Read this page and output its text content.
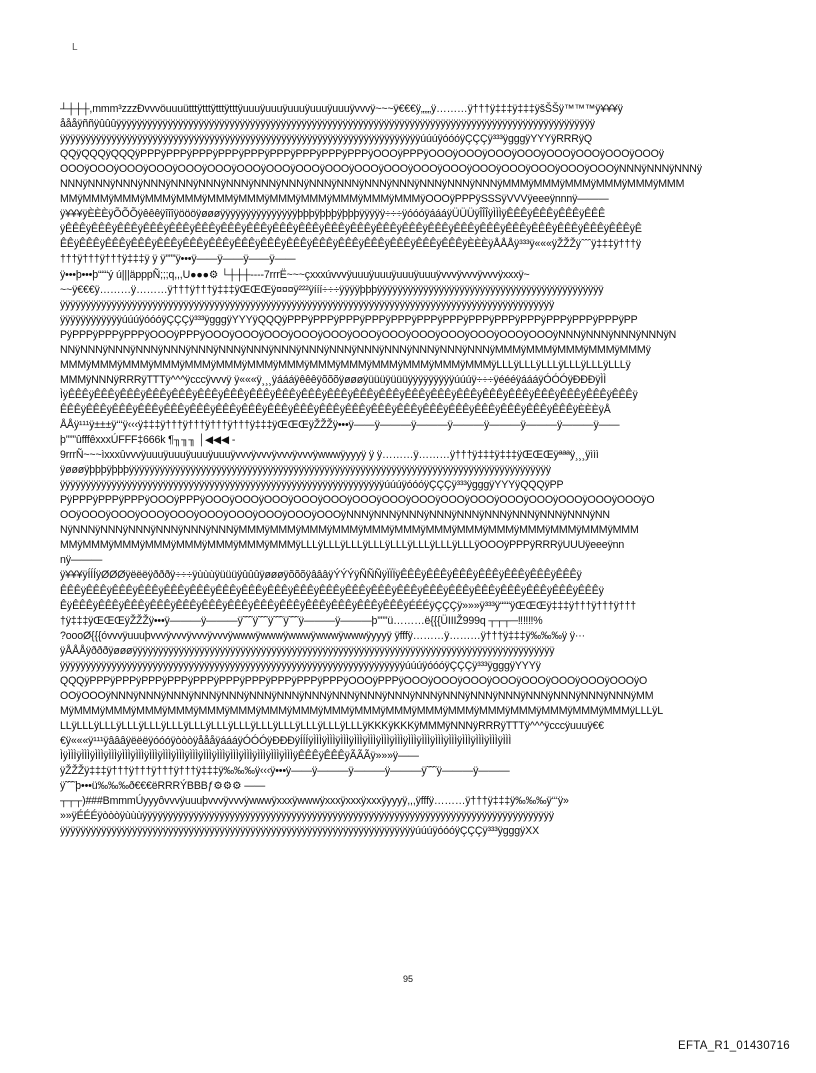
L
┴┼┼┼,mmm³zzzÐvvvöuuuütttÿtttÿtttÿtttÿuuuÿuuuÿuuuÿuuuÿuuuÿvvvÿ~~~ÿ€€€ÿ„„„ÿ………ÿ†††ÿ‡‡‡ÿ‡‡‡ÿšŠŠÿ™™™ÿ¥¥¥ÿ
åååÿññÿûûûÿÿÿÿÿÿÿÿÿÿÿÿÿÿÿÿÿÿÿÿÿÿÿÿÿÿÿÿÿÿÿÿÿÿÿÿÿÿÿÿÿÿÿÿÿÿÿÿÿÿÿÿÿÿÿÿÿÿÿÿÿÿÿÿÿÿÿÿÿÿÿÿÿÿÿÿÿÿÿÿÿÿÿÿÿÿÿÿÿÿÿÿÿ
ÿÿÿÿÿÿÿÿÿÿÿÿÿÿÿÿÿÿÿÿÿÿÿÿÿÿÿÿÿÿÿÿÿÿÿÿÿÿÿÿÿÿÿÿÿÿÿÿÿÿÿÿÿÿÿÿÿÿÿÿÿÿÿÿÿÿÿÿÿÿúúúÿóóóÿÇÇÇÿ³³³ÿgggÿYYYÿRRRÿQ
QQÿQQQÿQQQÿPPPÿPPPÿPPPÿPPPÿPPPÿPPPÿPPPÿPPPÿPPPÿOOOÿPPPÿOOOÿOOOÿOOOÿOOOÿOOOÿOOOÿOOOÿOOOÿ
OOOÿOOOÿOOOÿOOOÿOOOÿOOOÿOOOÿOOOÿOOOÿOOOÿOOOÿOOOÿOOOÿOOOÿOOOÿOOOÿOOOÿOOOÿOOOÿNNNÿNNNÿNNNÿ
NNNÿNNNÿNNNÿNNNÿNNNÿNNNÿNNNÿNNNÿNNNÿNNNÿNNNÿNNNÿNNNÿNNNÿNNNÿNNNÿMMMÿMMMÿMMMÿMMMÿMMMÿMMM
MMÿMMMÿMMMÿMMMÿMMMÿMMMÿMMMÿMMMÿMMMÿMMMÿMMMÿMMMÿOOOÿPPPÿSSSÿVVVÿeeeÿnnnÿ———
ÿ¥¥¥ÿÈÈÈÿÕÕÕÿêêêÿîîîÿöööÿøøøÿÿÿÿÿÿÿÿÿÿÿÿÿÿÿþþþÿþþþÿþþþÿÿÿÿÿ÷÷÷ÿóóóÿáááÿÜÜÜÿÎÎÎÿÌÌÌÿÊÊÊÿÊÊÊÿÊÊÊÿÊÊÊ
ÿÊÊÊÿÊÊÊÿÊÊÊÿÊÊÊÿÊÊÊÿÊÊÊÿÊÊÊÿÊÊÊÿÊÊÊÿÊÊÊÿÊÊÊÿÊÊÊÿÊÊÊÿÊÊÊÿÊÊÊÿÊÊÊÿÊÊÊÿÊÊÊÿÊÊÊÿÊÊÊÿÊÊÊÿÊÊÊÿÊ
ÊÊÿÊÊÊÿÊÊÊÿÊÊÊÿÊÊÊÿÊÊÊÿÊÊÊÿÊÊÊÿÊÊÊÿÊÊÊÿÊÊÊÿÊÊÊÿÊÊÊÿÊÊÊÿÊÊÊÿÊÊÊÿÈÈÈÿÅÅÅÿ³³³ÿ«««ÿŽŽŽÿˆˆˆÿ‡‡‡ÿ†††ÿ
†††ÿ†††ÿ†††ÿ‡‡‡ÿ ÿ ÿ”””ÿ•••ÿ——ÿ——ÿ——ÿ——
ÿ•••þ•••þ“““ý ú|||äpppÑ;;;q,,,U●●●⚙ └┼┼┼----7rrrË~~~çxxxúvvvÿuuuÿuuuÿuuuÿuuuÿvvvÿvvvÿvvvÿxxxÿ~
~~ÿ€€€ÿ………ÿ………ÿ†††ÿ†††ÿ‡‡‡ÿŒŒŒÿ¤¤¤ÿ²²²ÿííí÷÷÷ÿÿÿÿþþþÿÿÿÿÿÿÿÿÿÿÿÿÿÿÿÿÿÿÿÿÿÿÿÿÿÿÿÿÿÿÿÿÿÿÿÿÿÿÿÿÿÿÿÿ
ÿÿÿÿÿÿÿÿÿÿÿÿÿÿÿÿÿÿÿÿÿÿÿÿÿÿÿÿÿÿÿÿÿÿÿÿÿÿÿÿÿÿÿÿÿÿÿÿÿÿÿÿÿÿÿÿÿÿÿÿÿÿÿÿÿÿÿÿÿÿÿÿÿÿÿÿÿÿÿÿÿÿÿÿÿÿÿÿÿÿÿÿÿÿÿÿ
ÿÿÿÿÿÿÿÿÿÿÿÿúúúÿóóóÿÇÇÇÿ³³³ÿgggÿYYYÿQQQÿPPPÿPPPÿPPPÿPPPÿPPPÿPPPÿPPPÿPPPÿPPPÿPPPÿPPPÿPPPÿPPPÿPP
PÿPPPÿPPPÿPPPÿOOOÿPPPÿOOOÿOOOÿOOOÿOOOÿOOOÿOOOÿOOOÿOOOÿOOOÿOOOÿOOOÿOOOÿNNNÿNNNÿNNNÿNNNÿN
NNÿNNNÿNNNÿNNNÿNNNÿNNNÿNNNÿNNNÿNNNÿNNNÿNNNÿNNNÿNNNÿNNNÿNNNÿNNNÿMMMÿMMMÿMMMÿMMMÿMMMÿ
MMMÿMMMÿMMMÿMMMÿMMMÿMMMÿMMMÿMMMÿMMMÿMMMÿMMMÿMMMÿMMMÿMMMÿLLLÿLLLÿLLLÿLLLÿLLLÿLLLÿ
MMMÿNNNÿRRRÿTTTÿ^^^ÿcccÿvvvÿ ÿ«««ÿ¸¸¸ÿáááÿêêêÿõõõÿøøøÿüüüÿüüüÿÿÿÿÿÿÿÿÿúúúÿ÷÷÷ÿéééÿáááÿÓÓÓÿÐÐÐÿÌÌ
ÌÿÊÊÊÿÊÊÊÿÊÊÊÿÊÊÊÿÊÊÊÿÊÊÊÿÊÊÊÿÊÊÊÿÊÊÊÿÊÊÊÿÊÊÊÿÊÊÊÿÊÊÊÿÊÊÊÿÊÊÊÿÊÊÊÿÊÊÊÿÊÊÊÿÊÊÊÿÊÊÊÿÊÊÊÿÊÊÊÿ
ÊÊÊÿÊÊÊÿÊÊÊÿÊÊÊÿÊÊÊÿÊÊÊÿÊÊÊÿÊÊÊÿÊÊÊÿÊÊÊÿÊÊÊÿÊÊÊÿÊÊÊÿÊÊÊÿÊÊÊÿÊÊÊÿÊÊÊÿÊÊÊÿÊÊÊÿÊÊÊÿÈÈÈÿÅ
ÅÅÿ¹¹¹ÿ±±±ÿ‘‘‘ÿ‹‹‹ÿ‡‡‡ÿ†††ÿ†††ÿ†††ÿ†††ÿ‡‡‡ÿŒŒŒÿŽŽŽÿ•••ÿ——ÿ———ÿ———ÿ———ÿ———ÿ———ÿ———ÿ——
þ”””ûfffêxxxÚFFF‡666k ¶╖╖╖ │◀◀◀ -
9rrrÑ~~~ìxxxûvvvÿuuuÿuuuÿuuuÿuuuÿvvvÿvvvÿvvvÿvvvÿwwwÿyyyÿ ÿ ÿ………ÿ………ÿ†††ÿ‡‡‡ÿ‡‡‡ÿŒŒŒÿªªªÿ¸¸¸ÿììì
ÿøøøÿþþþÿþþþÿÿÿÿÿÿÿÿÿÿÿÿÿÿÿÿÿÿÿÿÿÿÿÿÿÿÿÿÿÿÿÿÿÿÿÿÿÿÿÿÿÿÿÿÿÿÿÿÿÿÿÿÿÿÿÿÿÿÿÿÿÿÿÿÿÿÿÿÿÿÿÿÿÿÿÿÿÿÿÿÿÿ
ÿÿÿÿÿÿÿÿÿÿÿÿÿÿÿÿÿÿÿÿÿÿÿÿÿÿÿÿÿÿÿÿÿÿÿÿÿÿÿÿÿÿÿÿÿÿÿÿÿÿÿÿÿÿÿÿÿÿÿÿÿÿÿúúúÿóóóÿÇÇÇÿ³³³ÿgggÿYYYÿQQQÿPP
PÿPPPÿPPPÿPPPÿOOOÿPPPÿOOOÿOOOÿOOOÿOOOÿOOOÿOOOÿOOOÿOOOÿOOOÿOOOÿOOOÿOOOÿOOOÿOOOÿOOOÿO
OOÿOOOÿOOOÿOOOÿOOOÿOOOÿOOOÿOOOÿOOOÿOOOÿNNNÿNNNÿNNNÿNNNÿNNNÿNNNÿNNNÿNNNÿNNNÿNN
NÿNNNÿNNNÿNNNÿNNNÿNNNÿNNNÿMMMÿMMMÿMMMÿMMMÿMMMÿMMMÿMMMÿMMMÿMMMÿMMMÿMMMÿMMMÿMMM
MMÿMMMÿMMMÿMMMÿMMMÿMMMÿMMMÿMMMÿLLLÿLLLÿLLLÿLLLÿLLLÿLLLÿLLLÿLLLÿOOOÿPPPÿRRRÿUUUÿeeeÿnn
nÿ———
ÿ¥¥¥ÿÍÍÍÿØØØÿëëëÿðððÿ÷÷÷ÿùùùÿüüüÿûûûÿøøøÿõõõÿâââÿÝÝÝÿÑÑÑÿÏÏÏÿÊÊÊÿÊÊÊÿÊÊÊÿÊÊÊÿÊÊÊÿÊÊÊÿÊÊÊÿ
ÊÊÊÿÊÊÊÿÊÊÊÿÊÊÊÿÊÊÊÿÊÊÊÿÊÊÊÿÊÊÊÿÊÊÊÿÊÊÊÿÊÊÊÿÊÊÊÿÊÊÊÿÊÊÊÿÊÊÊÿÊÊÊÿÊÊÊÿÊÊÊÿÊÊÊÿÊÊÊÿÊÊÊÿ
ÊÿÊÊÊÿÊÊÊÿÊÊÊÿÊÊÊÿÊÊÊÿÊÊÊÿÊÊÊÿÊÊÊÿÊÊÊÿÊÊÊÿÊÊÊÿÊÊÊÿÊÊÊÿÉÉÉÿÇÇÇÿ»»»ÿ³³³ÿ“““ÿŒŒŒÿ‡‡‡ÿ†††ÿ†††ÿ†††
†ÿ‡‡‡ÿŒŒŒÿŽŽŽÿ•••ÿ———ÿ———ÿ˜˜˜ÿ˜˜˜ÿ˜˜˜ÿ˜˜˜ÿ———ÿ———þ”””ü………ë{{{ÜIIIŽ999q ┬┬┬─‼‼‼%
?oooØ{{{óvvvÿuuuþvvvÿvvvÿvvvÿvvvÿwwwÿwwwÿwwwÿwwwÿwwwÿyyyÿ ÿfffÿ………ÿ………ÿ†††ÿ‡‡‡ÿ‰‰‰ÿ ÿ···
ÿÅÅÅÿðððÿøøøÿÿÿÿÿÿÿÿÿÿÿÿÿÿÿÿÿÿÿÿÿÿÿÿÿÿÿÿÿÿÿÿÿÿÿÿÿÿÿÿÿÿÿÿÿÿÿÿÿÿÿÿÿÿÿÿÿÿÿÿÿÿÿÿÿÿÿÿÿÿÿÿÿÿÿÿÿÿÿÿÿÿ
ÿÿÿÿÿÿÿÿÿÿÿÿÿÿÿÿÿÿÿÿÿÿÿÿÿÿÿÿÿÿÿÿÿÿÿÿÿÿÿÿÿÿÿÿÿÿÿÿÿÿÿÿÿÿÿÿÿÿÿÿÿÿÿÿÿÿÿúúúÿóóóÿÇÇÇÿ³³³ÿgggÿYYYÿ
QQQÿPPPÿPPPÿPPPÿPPPÿPPPÿPPPÿPPPÿPPPÿPPPÿPPPÿOOOÿPPPÿOOOÿOOOÿOOOÿOOOÿOOOÿOOOÿOOOÿOOOÿO
OOÿOOOÿNNNÿNNNÿNNNÿNNNÿNNNÿNNNÿNNNÿNNNÿNNNÿNNNÿNNNÿNNNÿNNNÿNNNÿNNNÿNNNÿNNNÿNNNÿNNNÿMM
MÿMMMÿMMMÿMMMÿMMMÿMMMÿMMMÿMMMÿMMMÿMMMÿMMMÿMMMÿMMMÿMMMÿMMMÿMMMÿMMMÿMMMÿMMMÿLLLÿL
LLÿLLLÿLLLÿLLLÿLLLÿLLLÿLLLÿLLLÿLLLÿLLLÿLLLÿLLLÿLLLÿLLLÿKKKÿKKKÿMMMÿNNNÿRRRÿTTTÿ^^^ÿcccÿuuuÿ€€
€ÿ«««ÿ¹¹¹ÿâââÿëëëÿóóóÿòòòÿåååÿáááÿÓÓÓÿÐÐÐÿÍÍÍÿÌÌÌÿÌÌÌÿÌÌÌÿÌÌÌÿÌÌÌÿÌÌÌÿÌÌÌÿÌÌÌÿÌÌÌÿÌÌÌÿÌÌÌÿÌÌÌÿÌÌÌÿÌÌÌÿÌÌÌ
ÌÿÌÌÌÿÌÌÌÿÌÌÌÿÌÌÌÿÌÌÌÿÌÌÌÿÌÌÌÿÌÌÌÿÌÌÌÿÌÌÌÿÌÌÌÿÌÌÌÿÌÌÌÿÌÌÌÿÌÌÌÿÌÌÌÿÌÌÌÿÊÊÊÿÊÊÊÿÃÃÃÿ»»»ÿ——
ÿŽŽŽÿ‡‡‡ÿ†††ÿ†††ÿ†††ÿ†††ÿ‡‡‡ÿ‰‰‰ÿ‹‹‹ÿ•••ÿ——ÿ———ÿ———ÿ———ÿ˜˜˜ÿ———ÿ———
ÿ˜˜˜þ•••ü‰‰‰ð€€€ëRRRÝBBBƒ⚙⚙⚙ ——
┬┬┬)###BmmmÚyyyôvvvÿuuuþvvvÿvvvÿwwwÿxxxÿwwwÿxxxÿxxxÿxxxÿyyyÿ,,,ÿfffÿ………ÿ†††ÿ‡‡‡ÿ‰‰‰ÿ‘‘‘ÿ»
»»ÿÉÉÉÿòòòÿùùùÿÿÿÿÿÿÿÿÿÿÿÿÿÿÿÿÿÿÿÿÿÿÿÿÿÿÿÿÿÿÿÿÿÿÿÿÿÿÿÿÿÿÿÿÿÿÿÿÿÿÿÿÿÿÿÿÿÿÿÿÿÿÿÿÿÿÿÿÿÿÿÿÿÿÿÿÿÿÿÿ
ÿÿÿÿÿÿÿÿÿÿÿÿÿÿÿÿÿÿÿÿÿÿÿÿÿÿÿÿÿÿÿÿÿÿÿÿÿÿÿÿÿÿÿÿÿÿÿÿÿÿÿÿÿÿÿÿÿÿÿÿÿÿÿÿÿÿÿÿÿúúúÿóóóÿÇÇÇÿ³³³ÿgggÿXX
95
EFTA_R1_01430716
